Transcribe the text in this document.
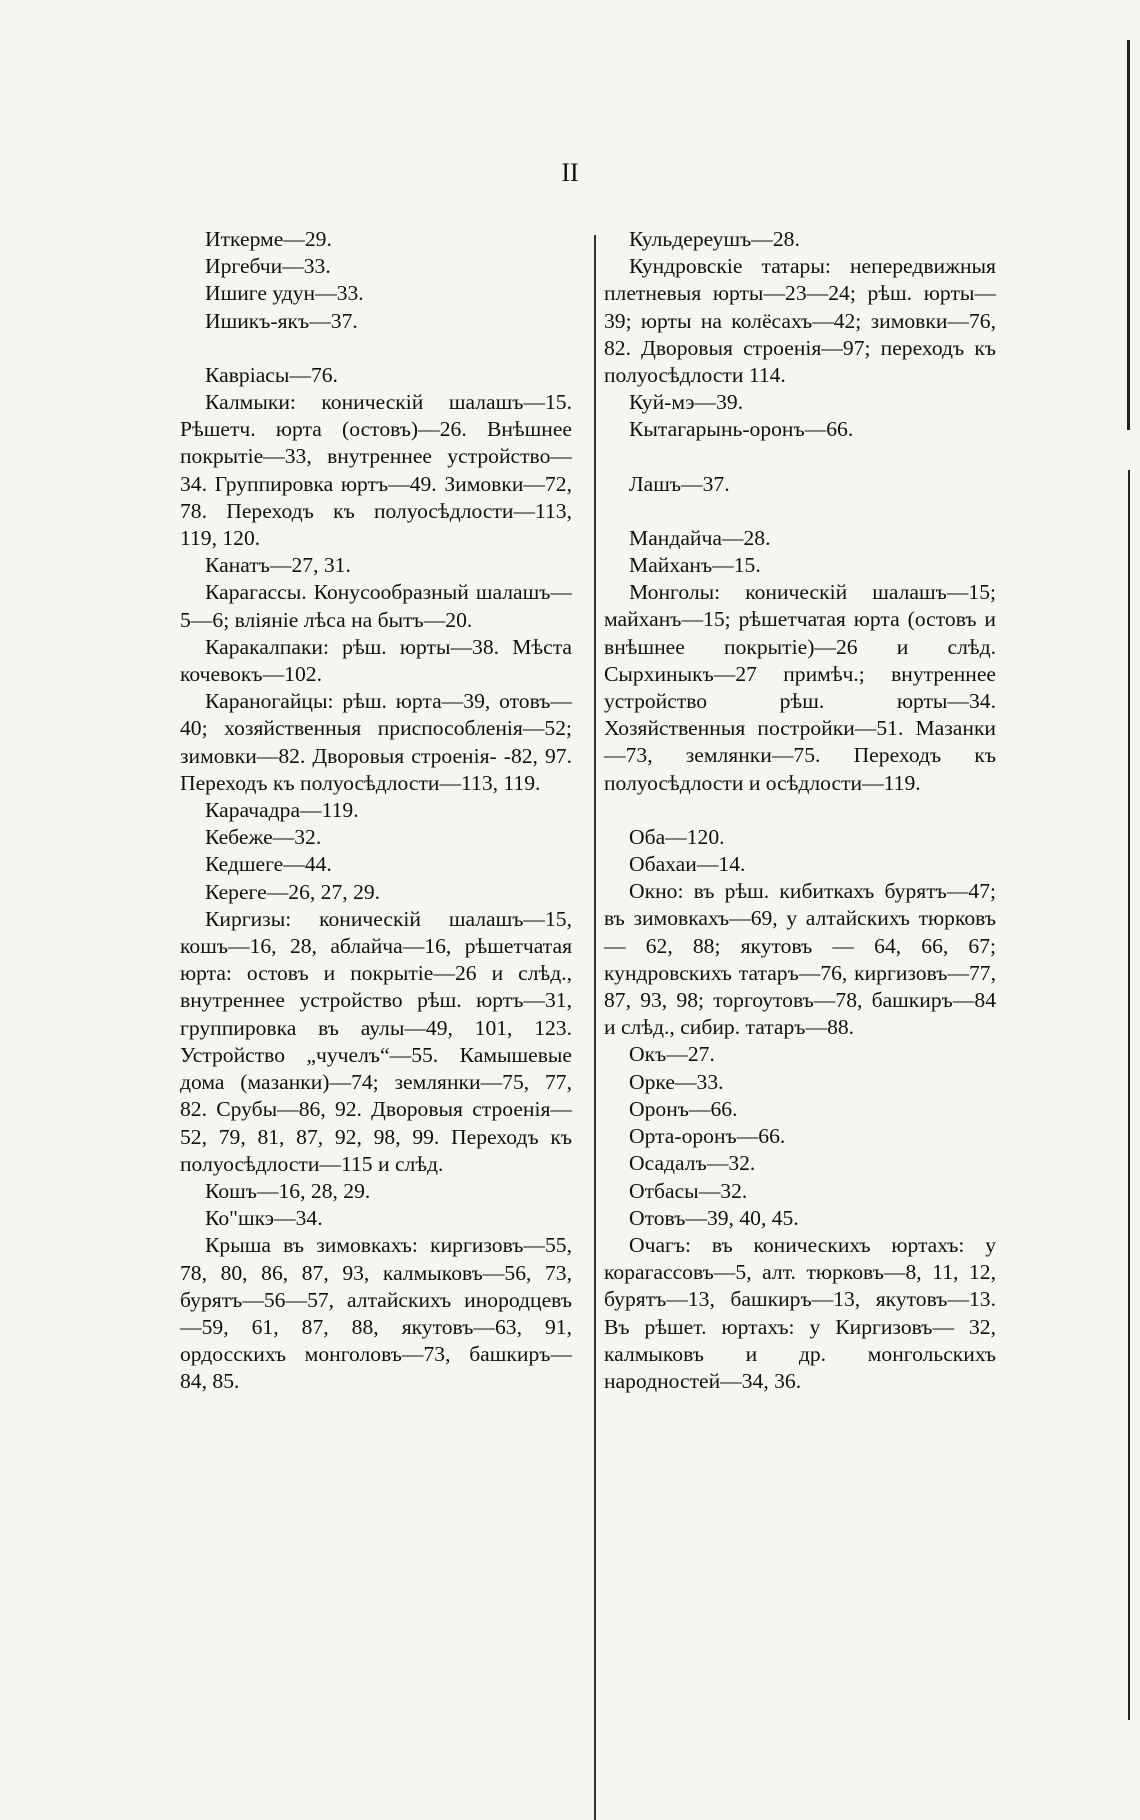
II

Иткерме—29.

Иргебчи—33.

Ишиге удун—33.

Ишикъ-якъ—37.

Кавріасы—76.

Калмыки: коническій шалашъ—15. Рѣшетч. юрта (остовъ)—26. Внѣшнее покрытіе—33, внутреннее устройство—34. Группировка юртъ—49. Зимовки—72, 78. Переходъ къ полуосѣдлости—113, 119, 120.

Канатъ—27, 31.

Карагассы. Конусообразный шалашъ—5—6; вліяніе лѣса на бытъ—20.

Каракалпаки: рѣш. юрты—38. Мѣста кочевокъ—102.

Караногайцы: рѣш. юрта—39, отовъ—40; хозяйственныя приспособленія—52; зимовки—82. Дворовыя строенія- -82, 97. Переходъ къ полуосѣдлости—113, 119.

Карачадра—119.

Кебеже—32.

Кедшеге—44.

Кереге—26, 27, 29.

Киргизы: коническій шалашъ—15, кошъ—16, 28, аблайча—16, рѣшетчатая юрта: остовъ и покрытіе—26 и слѣд., внутреннее устройство рѣш. юртъ—31, группировка въ аулы—49, 101, 123. Устройство „чучелъ“—55. Камышевые дома (мазанки)—74; землянки—75, 77, 82. Срубы—86, 92. Дворовыя строенія—52, 79, 81, 87, 92, 98, 99. Переходъ къ полуосѣдлости—115 и слѣд.

Кошъ—16, 28, 29.

Ко"шкэ—34.

Крыша въ зимовкахъ: киргизовъ—55, 78, 80, 86, 87, 93, калмыковъ—56, 73, бурятъ—56—57, алтайскихъ инородцевъ—59, 61, 87, 88, якутовъ—63, 91, ордосскихъ монголовъ—73, башкиръ—84, 85.

Кульдереушъ—28.

Кундровскіе татары: непередвижныя плетневыя юрты—23—24; рѣш. юрты—39; юрты на колёсахъ—42; зимовки—76, 82. Дворовыя строенія—97; переходъ къ полуосѣдлости 114.

Куй-мэ—39.

Кытагарынь-оронъ—66.

Лашъ—37.

Мандайча—28.

Майханъ—15.

Монголы: коническій шалашъ—15; майханъ—15; рѣшетчатая юрта (остовъ и внѣшнее покрытіе)—26 и слѣд. Сырхиныкъ—27 примѣч.; внутреннее устройство рѣш. юрты—34. Хозяйственныя постройки—51. Мазанки—73, землянки—75. Переходъ къ полуосѣдлости и осѣдлости—119.

Оба—120.

Обахаи—14.

Окно: въ рѣш. кибиткахъ бурятъ—47; въ зимовкахъ—69, у алтайскихъ тюрковъ — 62, 88; якутовъ — 64, 66, 67; кундровскихъ татаръ—76, киргизовъ—77, 87, 93, 98; торгоутовъ—78, башкиръ—84 и слѣд., сибир. татаръ—88.

Окъ—27.

Орке—33.

Оронъ—66.

Орта-оронъ—66.

Осадалъ—32.

Отбасы—32.

Отовъ—39, 40, 45.

Очагъ: въ коническихъ юртахъ: у корагассовъ—5, алт. тюрковъ—8, 11, 12, бурятъ—13, башкиръ—13, якутовъ—13. Въ рѣшет. юртахъ: у Киргизовъ— 32, калмыковъ и др. монгольскихъ народностей—34, 36.
